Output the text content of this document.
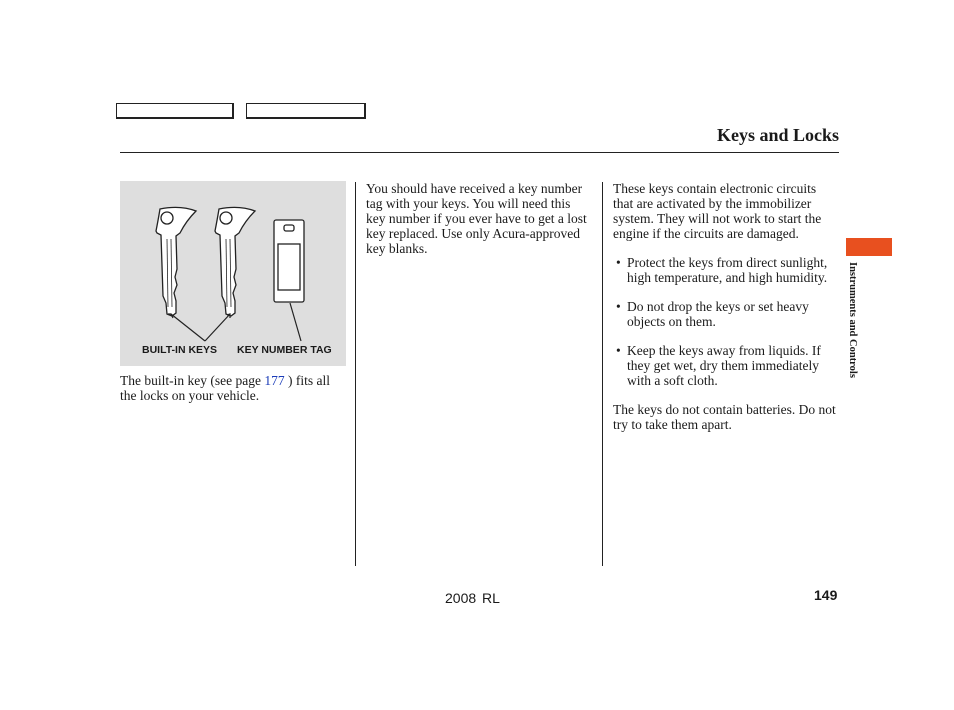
Keys and Locks
BUILT-IN KEYS KEY NUMBER TAG
The built-in key (see page 177 ) fits all the locks on your vehicle.
You should have received a key number tag with your keys. You will need this key number if you ever have to get a lost key replaced. Use only Acura-approved key blanks.

These keys contain electronic circuits that are activated by the immobilizer system. They will not work to start the engine if the circuits are damaged.

• Protect the keys from direct sunlight, high temperature, and high humidity.
• Do not drop the keys or set heavy objects on them.
• Keep the keys away from liquids. If they get wet, dry them immediately with a soft cloth.

The keys do not contain batteries. Do not try to take them apart.

Instruments and Controls
2008 RL	149
